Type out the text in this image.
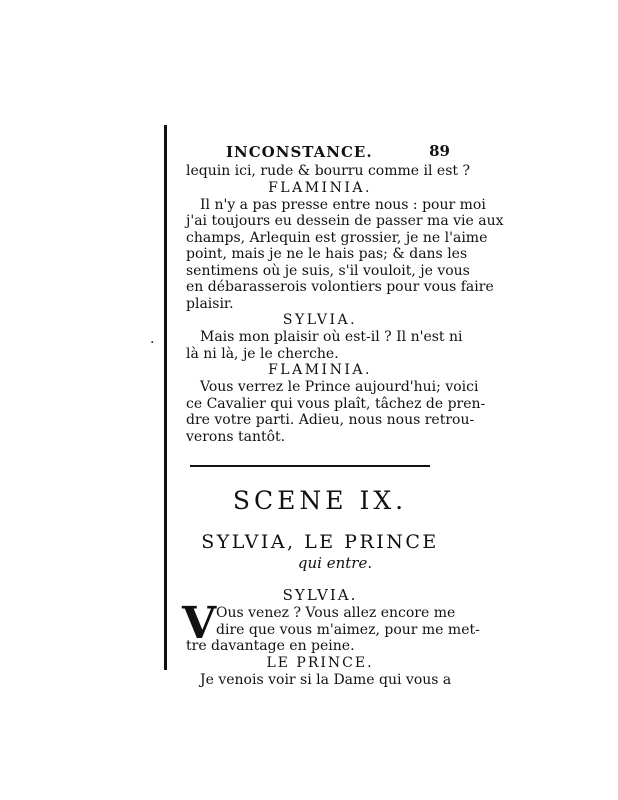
.
INCONSTANCE.	89
lequin ici, rude & bourru comme il est ?
FLAMINIA.
Il n'y a pas presse entre nous : pour moi
j'ai toujours eu dessein de passer ma vie aux
champs, Arlequin est grossier, je ne l'aime
point, mais je ne le hais pas; & dans les
sentimens où je suis, s'il vouloit, je vous
en débarasserois volontiers pour vous faire
plaisir.
SYLVIA.
Mais mon plaisir où est-il ? Il n'est ni
là ni là, je le cherche.
FLAMINIA.
Vous verrez le Prince aujourd'hui; voici
ce Cavalier qui vous plaît, tâchez de pren-
dre votre parti. Adieu, nous nous retrou-
verons tantôt.
SCENE IX.
SYLVIA, LE PRINCE
qui entre.
SYLVIA.
V Ous venez ? Vous allez encore me
dire que vous m'aimez, pour me met-
tre davantage en peine.
LE PRINCE.
Je venois voir si la Dame qui vous a
